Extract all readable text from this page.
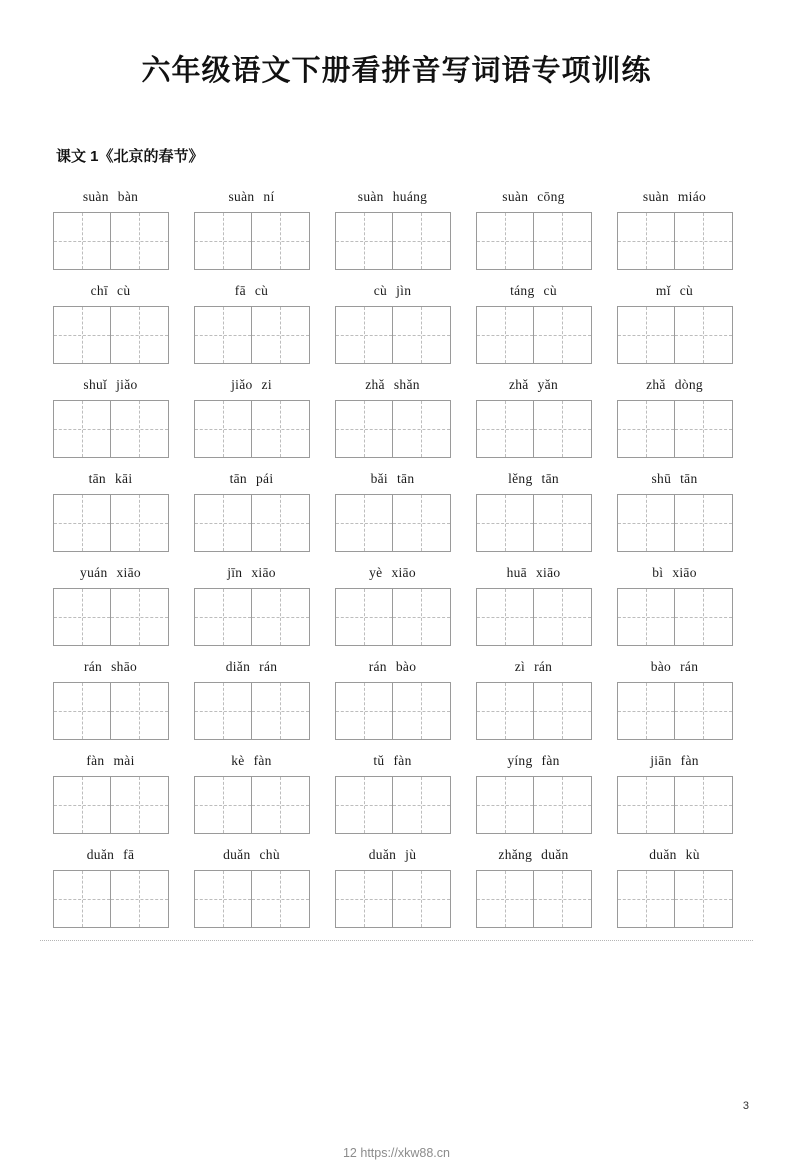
六年级语文下册看拼音写词语专项训练
课文 1《北京的春节》
suàn bàn	suàn ní	suàn huáng	suàn cōng	suàn miáo
chī cù	fā cù	cù jìn	táng cù	mǐ cù
shuǐ jiǎo	jiǎo zi	zhǎ shǎn	zhǎ yǎn	zhǎ dòng
tān kāi	tān pái	bǎi tān	lěng tān	shū tān
yuán xiāo	jīn xiāo	yè xiāo	huā xiāo	bì xiāo
rán shāo	diǎn rán	rán bào	zì rán	bào rán
fàn mài	kè fàn	tǔ fàn	yíng fàn	jiān fàn
duǎn fā	duǎn chù	duǎn jù	zhǎng duǎn	duǎn kù
3
12 https://xkw88.cn
